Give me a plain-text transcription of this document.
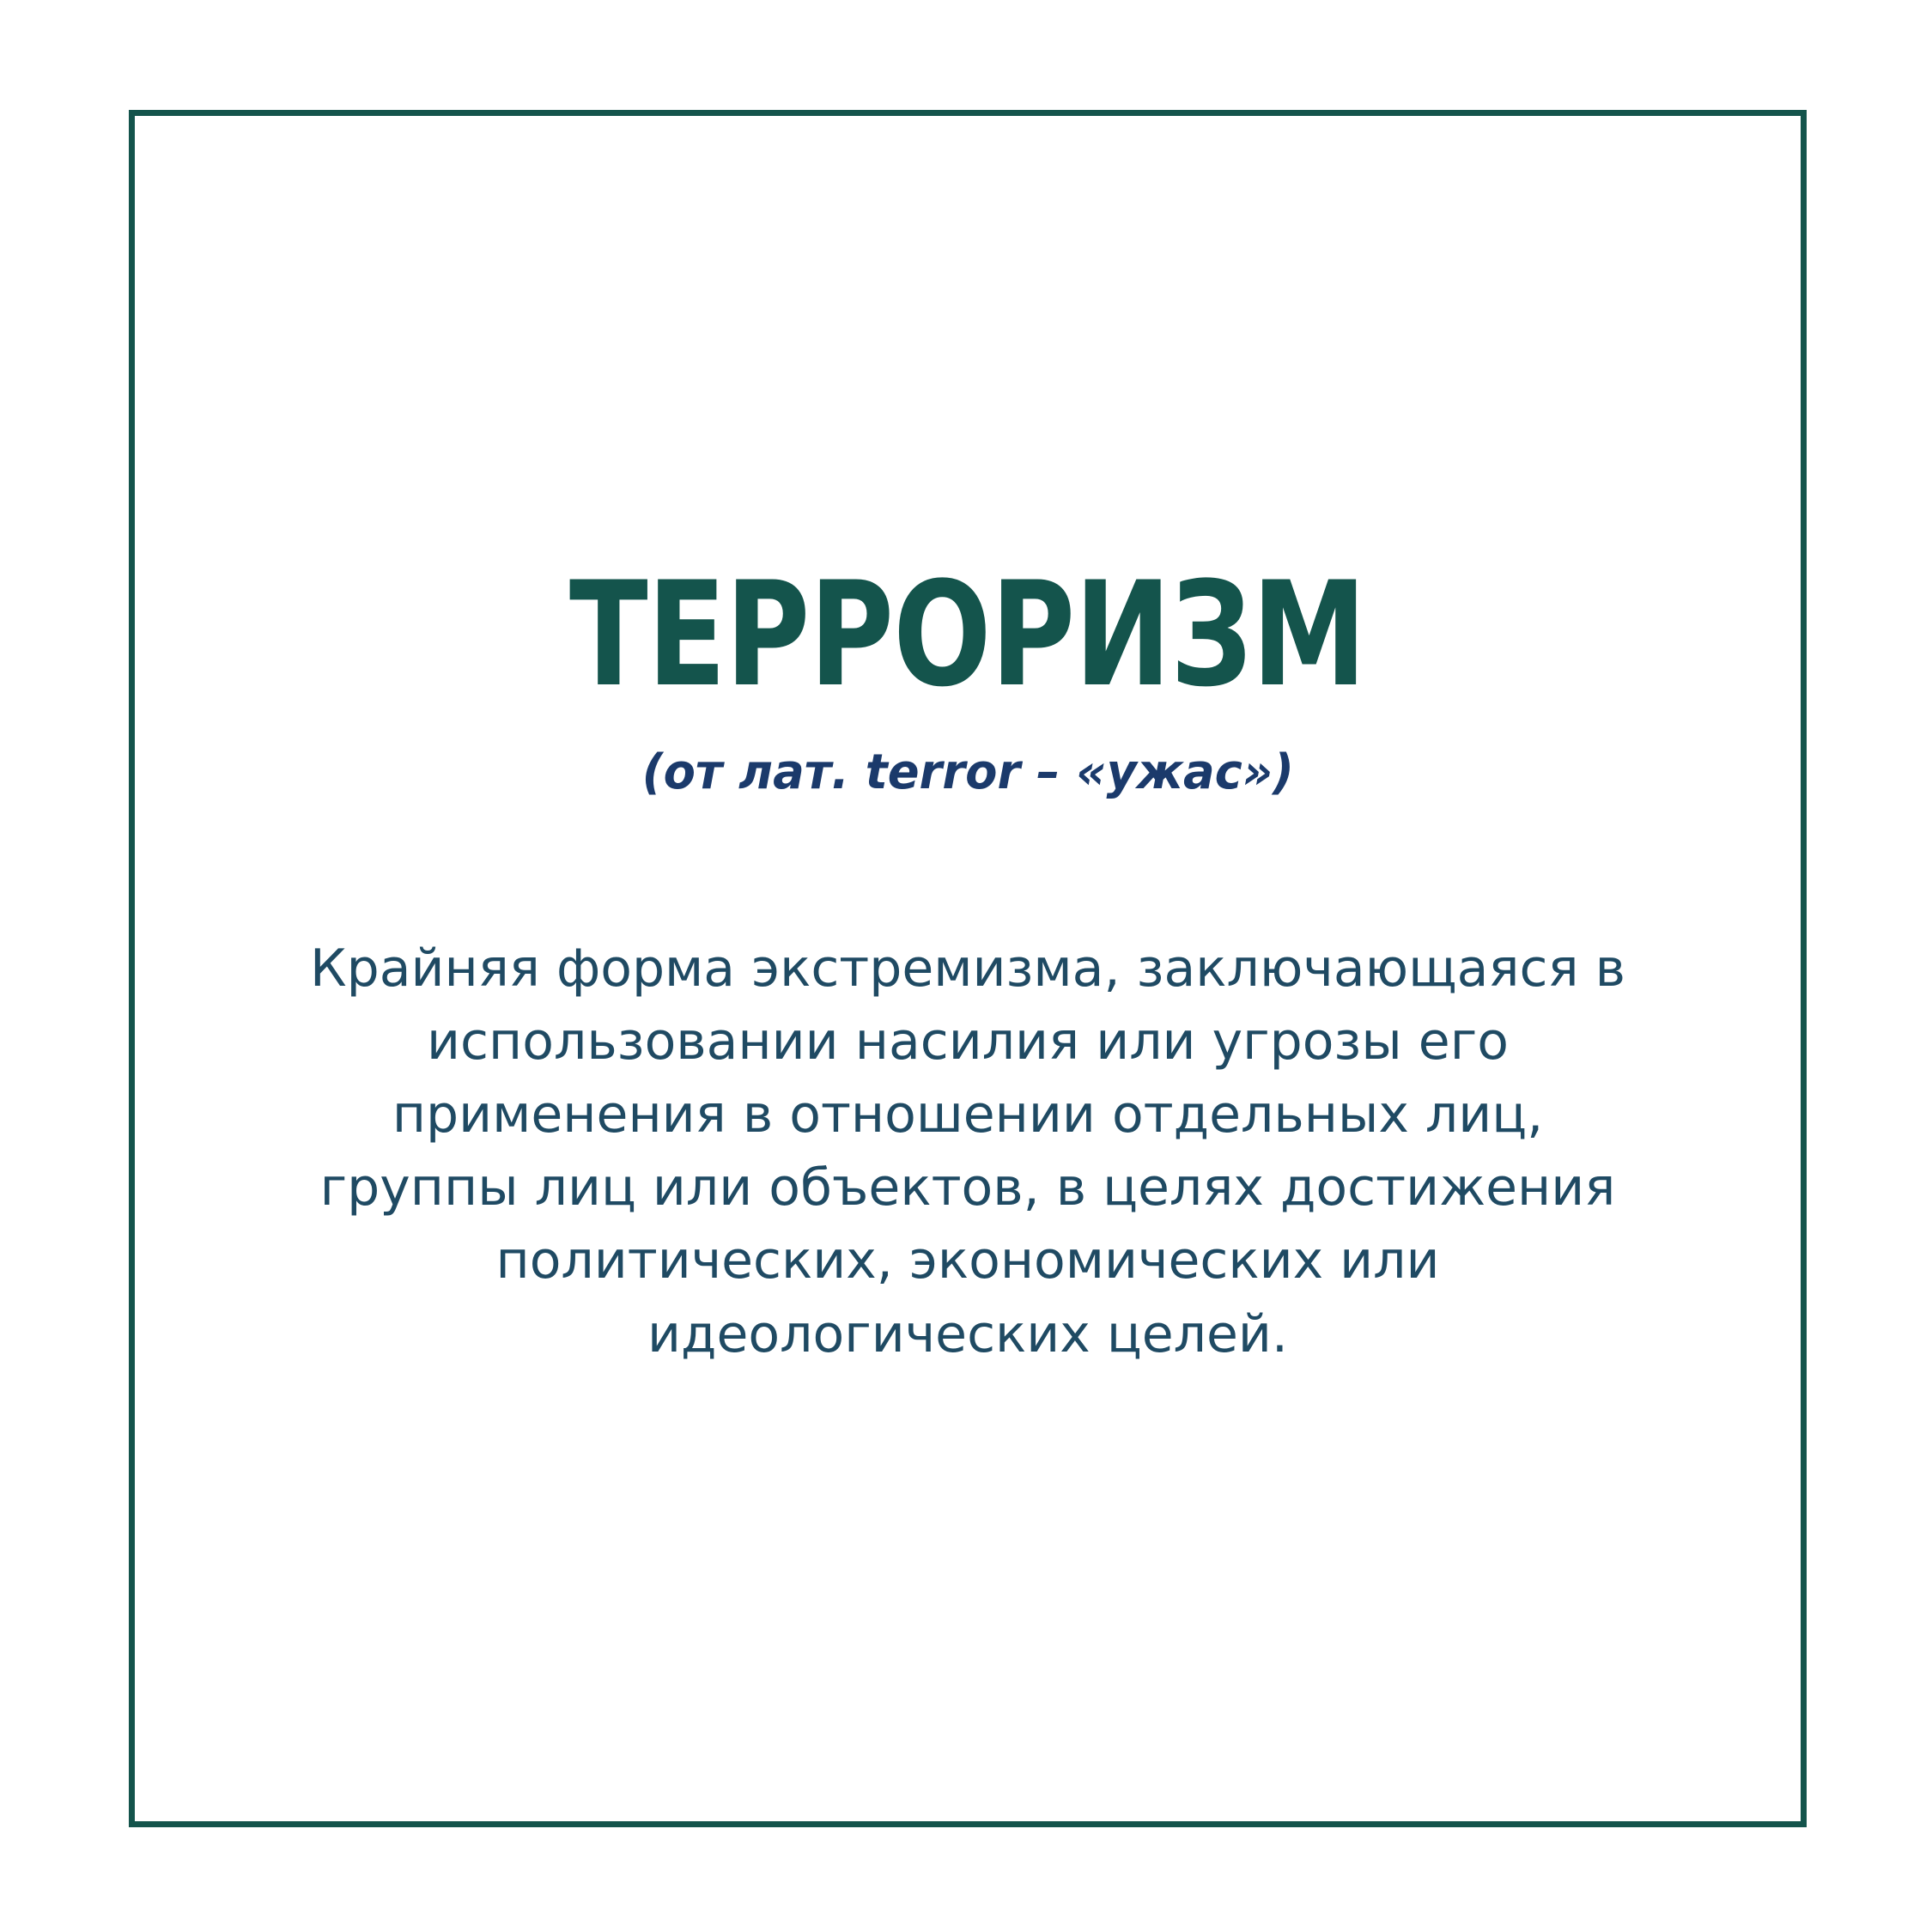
ТЕРРОРИЗМ
(от лат. terror – «ужас»)

Крайняя форма экстремизма, заключающаяся в использовании насилия или угрозы его применения в отношении отдельных лиц, группы лиц или объектов, в целях достижения политических, экономических или идеологических целей.
